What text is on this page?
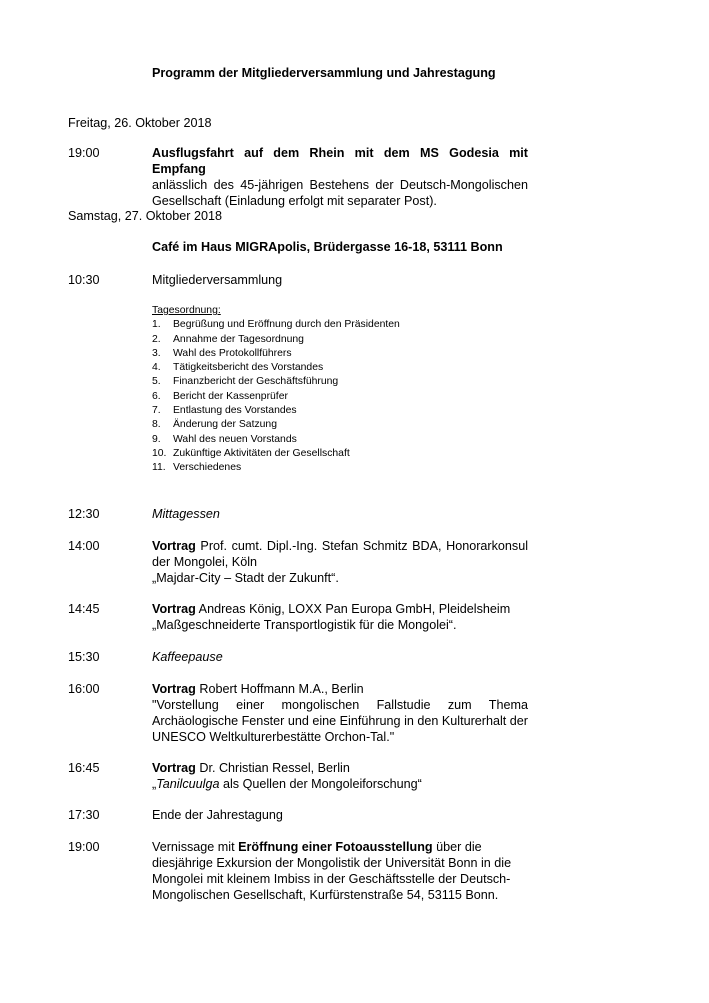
Programm der Mitgliederversammlung und Jahrestagung
Freitag, 26. Oktober 2018
19:00	Ausflugsfahrt auf dem Rhein mit dem MS Godesia mit Empfang
anlässlich des 45-jährigen Bestehens der Deutsch-Mongolischen Gesellschaft (Einladung erfolgt mit separater Post).
Samstag, 27. Oktober 2018
Café im Haus MIGRApolis, Brüdergasse 16-18, 53111 Bonn
10:30	Mitgliederversammlung
Tagesordnung:
1.	Begrüßung und Eröffnung durch den Präsidenten
2.	Annahme der Tagesordnung
3.	Wahl des Protokollführers
4.	Tätigkeitsbericht des Vorstandes
5.	Finanzbericht der Geschäftsführung
6.	Bericht der Kassenprüfer
7.	Entlastung des Vorstandes
8.	Änderung der Satzung
9.	Wahl des neuen Vorstands
10. Zukünftige Aktivitäten der Gesellschaft
11. Verschiedenes
12:30	Mittagessen
14:00	Vortrag Prof. cumt. Dipl.-Ing. Stefan Schmitz BDA, Honorarkonsul der Mongolei, Köln
„Majdar-City – Stadt der Zukunft“.
14:45	Vortrag Andreas König, LOXX Pan Europa GmbH, Pleidelsheim
„Maßgeschneiderte Transportlogistik für die Mongolei“.
15:30	Kaffeepause
16:00	Vortrag Robert Hoffmann M.A., Berlin
"Vorstellung einer mongolischen Fallstudie zum Thema Archäologische Fenster und eine Einführung in den Kulturerhalt der UNESCO Weltkulturerbestätte Orchon-Tal."
16:45	Vortrag Dr. Christian Ressel, Berlin
„Tanilcuulga als Quellen der Mongoleiforschung“
17:30	Ende der Jahrestagung
19:00	Vernissage mit Eröffnung einer Fotoausstellung über die diesjährige Exkursion der Mongolistik der Universität Bonn in die Mongolei mit kleinem Imbiss in der Geschäftsstelle der Deutsch-Mongolischen Gesellschaft, Kurfürstenstraße 54, 53115 Bonn.
